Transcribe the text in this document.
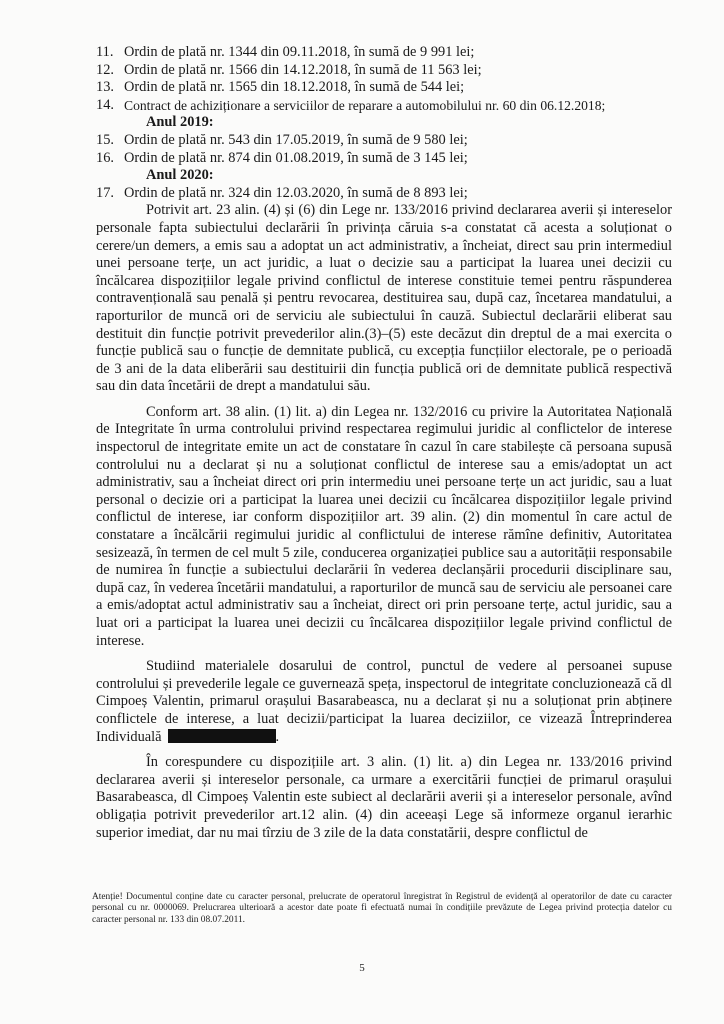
11. Ordin de plată nr. 1344 din 09.11.2018, în sumă de 9 991 lei;
12. Ordin de plată nr. 1566 din 14.12.2018, în sumă de 11 563 lei;
13. Ordin de plată nr. 1565 din 18.12.2018, în sumă de 544 lei;
14. Contract de achiziționare a serviciilor de reparare a automobilului nr. 60 din 06.12.2018;
Anul 2019:
15. Ordin de plată nr. 543 din 17.05.2019, în sumă de 9 580 lei;
16. Ordin de plată nr. 874 din 01.08.2019, în sumă de 3 145 lei;
Anul 2020:
17. Ordin de plată nr. 324 din 12.03.2020, în sumă de 8 893 lei;

Potrivit art. 23 alin. (4) și (6) din Lege nr. 133/2016 privind declararea averii și intereselor personale fapta subiectului declarării în privința căruia s-a constatat că acesta a soluționat o cerere/un demers, a emis sau a adoptat un act administrativ, a încheiat, direct sau prin intermediul unei persoane terțe, un act juridic, a luat o decizie sau a participat la luarea unei decizii cu încălcarea dispozițiilor legale privind conflictul de interese constituie temei pentru răspunderea contravențională sau penală și pentru revocarea, destituirea sau, după caz, încetarea mandatului, a raporturilor de muncă ori de serviciu ale subiectului în cauză. Subiectul declarării eliberat sau destituit din funcție potrivit prevederilor alin.(3)–(5) este decăzut din dreptul de a mai exercita o funcție publică sau o funcție de demnitate publică, cu excepția funcțiilor electorale, pe o perioadă de 3 ani de la data eliberării sau destituirii din funcția publică ori de demnitate publică respectivă sau din data încetării de drept a mandatului său.

Conform art. 38 alin. (1) lit. a) din Legea nr. 132/2016 cu privire la Autoritatea Națională de Integritate în urma controlului privind respectarea regimului juridic al conflictelor de interese inspectorul de integritate emite un act de constatare în cazul în care stabilește că persoana supusă controlului nu a declarat și nu a soluționat conflictul de interese sau a emis/adoptat un act administrativ, sau a încheiat direct ori prin intermediu unei persoane terțe un act juridic, sau a luat personal o decizie ori a participat la luarea unei decizii cu încălcarea dispozițiilor legale privind conflictul de interese, iar conform dispozițiilor art. 39 alin. (2) din momentul în care actul de constatare a încălcării regimului juridic al conflictului de interese rămîne definitiv, Autoritatea sesizează, în termen de cel mult 5 zile, conducerea organizației publice sau a autorității responsabile de numirea în funcție a subiectului declarării în vederea declanșării procedurii disciplinare sau, după caz, în vederea încetării mandatului, a raporturilor de muncă sau de serviciu ale persoanei care a emis/adoptat actul administrativ sau a încheiat, direct ori prin persoane terțe, actul juridic, sau a luat ori a participat la luarea unei decizii cu încălcarea dispozițiilor legale privind conflictul de interese.

Studiind materialele dosarului de control, punctul de vedere al persoanei supuse controlului și prevederile legale ce guvernează speța, inspectorul de integritate concluzionează că dl Cimpoeș Valentin, primarul orașului Basarabeasca, nu a declarat și nu a soluționat prin abținere conflictele de interese, a luat decizii/participat la luarea deciziilor, ce vizează Întreprinderea Individuală	.

În corespundere cu dispozițiile art. 3 alin. (1) lit. a) din Legea nr. 133/2016 privind declararea averii și intereselor personale, ca urmare a exercitării funcției de primarul orașului Basarabeasca, dl Cimpoeș Valentin este subiect al declarării averii și a intereselor personale, avînd obligația potrivit prevederilor art.12 alin. (4) din aceeași Lege să informeze organul ierarhic superior imediat, dar nu mai tîrziu de 3 zile de la data constatării, despre conflictul de

Atenție! Documentul conține date cu caracter personal, prelucrate de operatorul înregistrat în Registrul de evidență al operatorilor de date cu caracter personal cu nr. 0000069. Prelucrarea ulterioară a acestor date poate fi efectuată numai în condițiile prevăzute de Legea privind protecția datelor cu caracter personal nr. 133 din 08.07.2011.
5
